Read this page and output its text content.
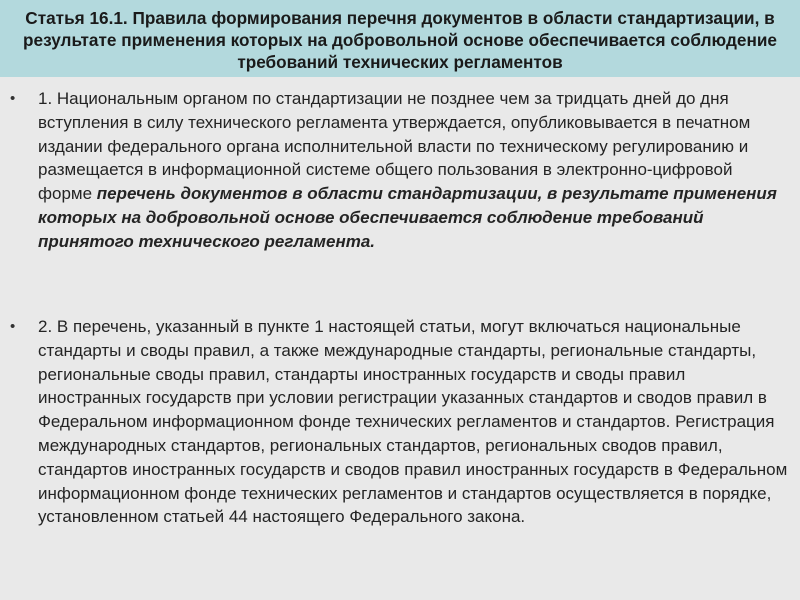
Статья 16.1. Правила формирования перечня документов в области стандартизации, в результате применения которых на добровольной основе обеспечивается соблюдение требований технических регламентов
•	1. Национальным органом по стандартизации не позднее чем за тридцать дней до дня вступления в силу технического регламента утверждается, опубликовывается в печатном издании федерального органа исполнительной власти по техническому регулированию и размещается в информационной системе общего пользования в электронно-цифровой форме перечень документов в области стандартизации, в результате применения которых на добровольной основе обеспечивается соблюдение требований принятого технического регламента.
•	2. В перечень, указанный в пункте 1 настоящей статьи, могут включаться национальные стандарты и своды правил, а также международные стандарты, региональные стандарты, региональные своды правил, стандарты иностранных государств и своды правил иностранных государств при условии регистрации указанных стандартов и сводов правил в Федеральном информационном фонде технических регламентов и стандартов. Регистрация международных стандартов, региональных стандартов, региональных сводов правил, стандартов иностранных государств и сводов правил иностранных государств в Федеральном информационном фонде технических регламентов и стандартов осуществляется в порядке, установленном статьей 44 настоящего Федерального закона.
